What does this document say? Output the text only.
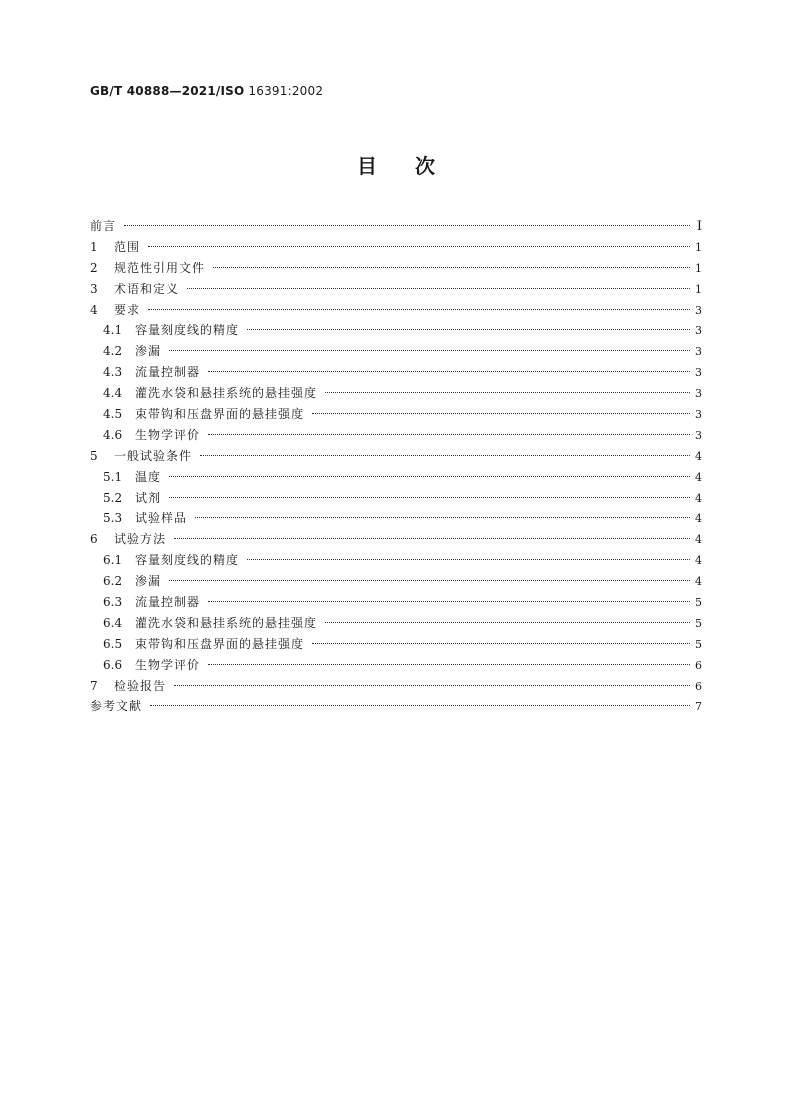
GB/T 40888—2021/ISO 16391:2002
目次
前言	I
1	范围	1
2	规范性引用文件	1
3	术语和定义	1
4	要求	3
4.1	容量刻度线的精度	3
4.2	渗漏	3
4.3	流量控制器	3
4.4	灌洗水袋和悬挂系统的悬挂强度	3
4.5	束带钩和压盘界面的悬挂强度	3
4.6	生物学评价	3
5	一般试验条件	4
5.1	温度	4
5.2	试剂	4
5.3	试验样品	4
6	试验方法	4
6.1	容量刻度线的精度	4
6.2	渗漏	4
6.3	流量控制器	5
6.4	灌洗水袋和悬挂系统的悬挂强度	5
6.5	束带钩和压盘界面的悬挂强度	5
6.6	生物学评价	6
7	检验报告	6
参考文献	7
